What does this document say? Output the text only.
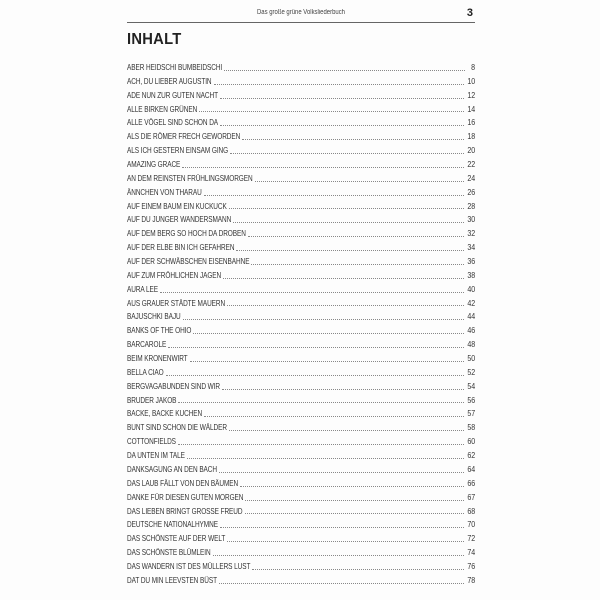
Das große grüne Volksliederbuch	3
INHALT
ABER HEIDSCHI BUMBEIDSCHI	8
ACH, DU LIEBER AUGUSTIN	10
ADE NUN ZUR GUTEN NACHT	12
ALLE BIRKEN GRÜNEN	14
ALLE VÖGEL SIND SCHON DA	16
ALS DIE RÖMER FRECH GEWORDEN	18
ALS ICH GESTERN EINSAM GING	20
AMAZING GRACE	22
AN DEM REINSTEN FRÜHLINGSMORGEN	24
ÄNNCHEN VON THARAU	26
AUF EINEM BAUM EIN KUCKUCK	28
AUF DU JUNGER WANDERSMANN	30
AUF DEM BERG SO HOCH DA DROBEN	32
AUF DER ELBE BIN ICH GEFAHREN	34
AUF DER SCHWÄBSCHEN EISENBAHNE	36
AUF ZUM FRÖHLICHEN JAGEN	38
AURA LEE	40
AUS GRAUER STÄDTE MAUERN	42
BAJUSCHKI BAJU	44
BANKS OF THE OHIO	46
BARCAROLE	48
BEIM KRONENWIRT	50
BELLA CIAO	52
BERGVAGABUNDEN SIND WIR	54
BRUDER JAKOB	56
BACKE, BACKE KUCHEN	57
BUNT SIND SCHON DIE WÄLDER	58
COTTONFIELDS	60
DA UNTEN IM TALE	62
DANKSAGUNG AN DEN BACH	64
DAS LAUB FÄLLT VON DEN BÄUMEN	66
DANKE FÜR DIESEN GUTEN MORGEN	67
DAS LIEBEN BRINGT GROSSE FREUD	68
DEUTSCHE NATIONALHYMNE	70
DAS SCHÖNSTE AUF DER WELT	72
DAS SCHÖNSTE BLÜMLEIN	74
DAS WANDERN IST DES MÜLLERS LUST	76
DAT DU MIN LEEVSTEN BÜST	78
